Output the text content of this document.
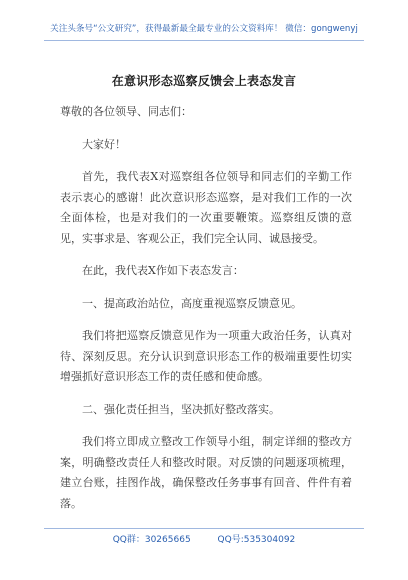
关注头条号“公文研究”，获得最新最全最专业的公文资料库！ 微信：gongwenyj
在意识形态巡察反馈会上表态发言

尊敬的各位领导、同志们：

大家好！

首先，我代表X对巡察组各位领导和同志们的辛勤工作表示衷心的感谢！此次意识形态巡察，是对我们工作的一次全面体检，也是对我们的一次重要鞭策。巡察组反馈的意见，实事求是、客观公正，我们完全认同、诚恳接受。

在此，我代表X作如下表态发言：

一、提高政治站位，高度重视巡察反馈意见。

我们将把巡察反馈意见作为一项重大政治任务，认真对待、深刻反思。充分认识到意识形态工作的极端重要性切实增强抓好意识形态工作的责任感和使命感。

二、强化责任担当，坚决抓好整改落实。

我们将立即成立整改工作领导小组，制定详细的整改方案，明确整改责任人和整改时限。对反馈的问题逐项梳理，建立台账，挂图作战，确保整改任务事事有回音、件件有着落。

QQ群：30265665	QQ号:535304092
